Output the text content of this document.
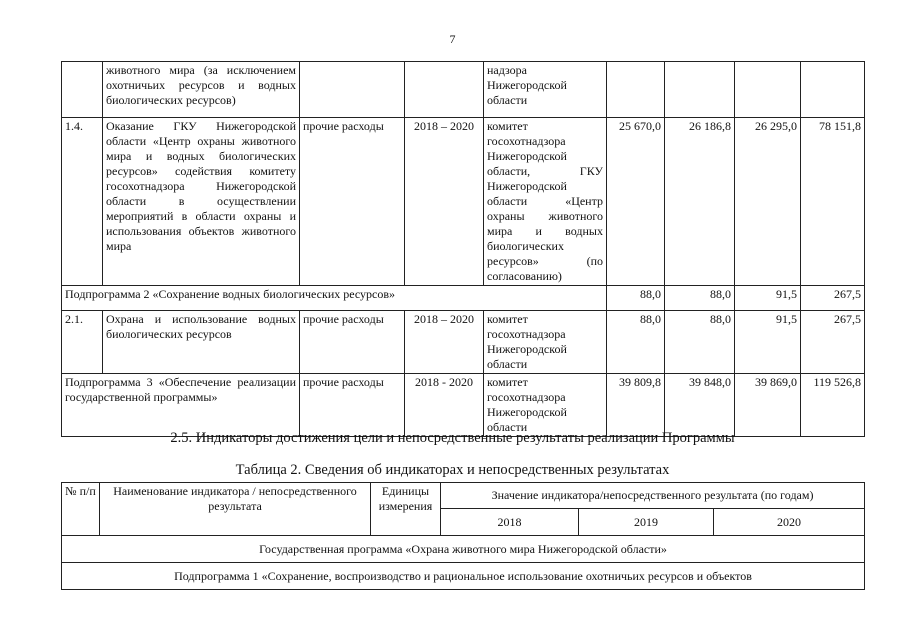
7
	животного мира (за исключением охотничьих ресурсов и водных биологических ресурсов)			надзора Нижегородской области				
1.4.	Оказание ГКУ Нижегородской области «Центр охраны животного мира и водных биологических ресурсов» содействия комитету госохотнадзора Нижегородской области в осуществлении мероприятий в области охраны и использования объектов животного мира	прочие расходы	2018 – 2020	комитет госохотнадзора Нижегородской области, ГКУ Нижегородской области «Центр охраны животного мира и водных биологических ресурсов» (по согласованию)	25 670,0	26 186,8	26 295,0	78 151,8
Подпрограмма 2 «Сохранение водных биологических ресурсов»					88,0	88,0	91,5	267,5
2.1.	Охрана и использование водных биологических ресурсов	прочие расходы	2018 – 2020	комитет госохотнадзора Нижегородской области	88,0	88,0	91,5	267,5
Подпрограмма 3 «Обеспечение реализации государственной программы»		прочие расходы	2018 - 2020	комитет госохотнадзора Нижегородской области	39 809,8	39 848,0	39 869,0	119 526,8
2.5. Индикаторы достижения цели и непосредственные результаты реализации Программы
Таблица 2. Сведения об индикаторах и непосредственных результатах
№ п/п	Наименование индикатора / непосредственного результата	Единицы измерения	Значение индикатора/непосредственного результата (по годам)		
			2018	2019	2020
Государственная программа «Охрана животного мира Нижегородской области»					
Подпрограмма 1 «Сохранение, воспроизводство и рациональное использование охотничьих ресурсов и объектов					
